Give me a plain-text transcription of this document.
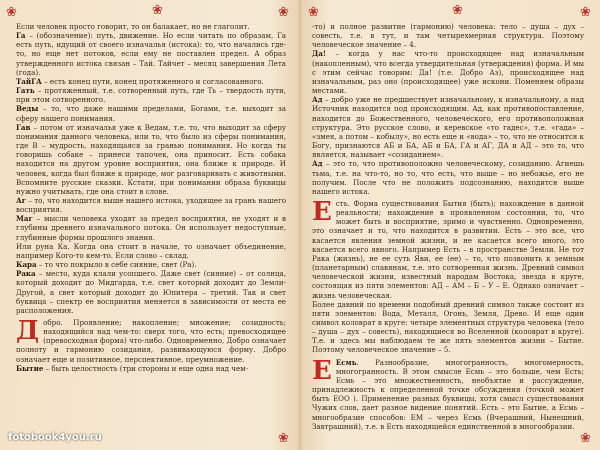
❀	❀	❀ ❀	❀	❀
❀	❀

Если человек просто говорит, то он балакает, но не глаголит.

Га – (обозначение): путь, движение. Но если читать по образам, Га есть путь, идущий от своего изначалья (истока): то, что начались где-то, но еще нет потоков, если ему не поставлен предел. А образ утвержденного истока связан – Тай. Тайчет – месяц завершения Лета (года).

ТайГА – есть конец пути, конец протяженного и согласованного.

Гать – протяженный, т.е. сотворенный путь, где Ть – твердость пути, при этом сотворенного.

Веды – то, что даже нашими пределами, Богами, т.е. выходит за сферу нашего понимания.

Гав – потом от изначалья уже к Ведам, т.е. то, что выходит за сферу понимания данного человека, или то, что было из сферы понимания, где В – мудрость, находящаяся за гранью понимания. Но когда ты говоришь собаке – принеси тапочек, она приносит. Есть собака находится на другом уровне восприятия, она ближе к природе. И человек, когда был ближе к природе, мог разговаривать с животными. Вспомните русские сказки. Кстати, при понимании образа буквицы нужно учитывать, где она стоит в слове.

Аг – то, что находится выше нашего истока, уходящее за грань нашего восприятия.

Маг – мысли человека уходят за предел восприятия, не уходят и в глубины древнего изначального потока. Он использует недоступные, глубинные формы прошлого знания.

Или руна Ка. Когда она стоит в начале, то означает объединение, например Кого-то кем-то. Если слово – склад.

Кара – то что покрыло в себе сияние, свет (Ра).

Рака – место, куда клали усопшего. Даже свет (сияние) – от солнца, который доходит до Мидгарда, т.е. свет который доходит до Земли-Другой, а свет который доходит до Юпитера – третий. Так и свет буквица – спектр ее восприятия меняется в зависимости от места ее расположения.

Добро. Проявление; накопление; множение; созидность; находящийся над чем-то: сверх того, что есть; превосходящее (превосходная форма) что-либо. Одновременно, Добро означает полноту и гармонию созидания, развивающуюся форму. Добро означает еще и позитивное, перспективное, преумножение.

Бытие – быть целостность (три стороны и еще одна над чем-

-то) и полное развитие (гармонию) человека: тело – душа – дух – совесть, т.е. в тут, и там четырехмерная структура. Поэтому человеческое значение – 4.

Да! – когда у нас что-то происходящее над изначальным (накопленным), что всегда утвердительная (утверждения) форма. И мы с этим сейчас говорим: Да! (т.е. Добро Аз), происходящее над изначальным, раз оно (происходящее) уже искони. Поменяем образы местами.

Ад – добро уже не предшествует изначальному, к изначальному, а над Источник находится под происходящим. Ад, как противопоставление, находится до Божественного, человеческого, его противоположная структура. Это русское слово, и керевское «то гадес», т.е. «гада» – «змея, а потом – кобылу», но есть еще и «вода» – то, что не относится к Богу, признаются АБ и БА, АБ и БА, ГА и АГ, ДА и АД – это то, что является, называет «созиданием».

Ад – это то, что противоположно человеческому, созиданию. Агиешь тьма, т.е. на что-то, но то, что есть, что выше – но небожье, его не получим. После что не положить подсознанию, находится выше нашего истока.

Есть. Форма существования Бытия (быть); нахождение в данной реальности; нахождение в проявленном состоянии, то, что может быть и восприятие, зримо и чувственно. Одновременно, это означает и то, что находится в развитии. Есть – это все, что касается явления земной жизни, и не касается всего иного, это касается всего явного. Например Есть – в пространстве Земли. Не тот Рака (жизнь), не ее суть Яви, ее (ее) – то, что позвонить к земным (планетарным) славянам, т.е. это сотворенная жизнь. Древний символ человеческой жизни, известный народам Востока, звезда в круге, состоящая из пяти элементов: АД – АМ – Б – У – Е. Однако означает – жизнь человеческая.

Более давний по времени подобный древний символ также состоит из пяти элементов: Вода, Металл, Огонь, Земля, Древо. И еще один символ коловрат в круге: четыре элементных структура человека (тело – душа – дух – совесть), находящиеся во Вселенной (коловрат в круге). Т.е. и здесь мы наблюдаем те же пять элементов жизни – Бытие. Поэтому человеческое значение – 5.

Е Есмь. Разнообразие, многогранность, многомерность, многогранность. В этом смысле Есмь – это больше, чем Есть; Есмь – это множественность, необъятие и рассуждение, принадлежность к определенной точке обсуждения (точкой может быть ЕОО ). Применение разных буквицы, хотя смысл существования Чужих слов, дает разное видение понятий. Есть – это Бытие, а Есмь – многообразие способов: ЕМ – через Есмь (Вчерашний, Нынешний, Завтрашний), т.е. в Есть находящейся единственной в многообразии.

fotobook4you.ru
